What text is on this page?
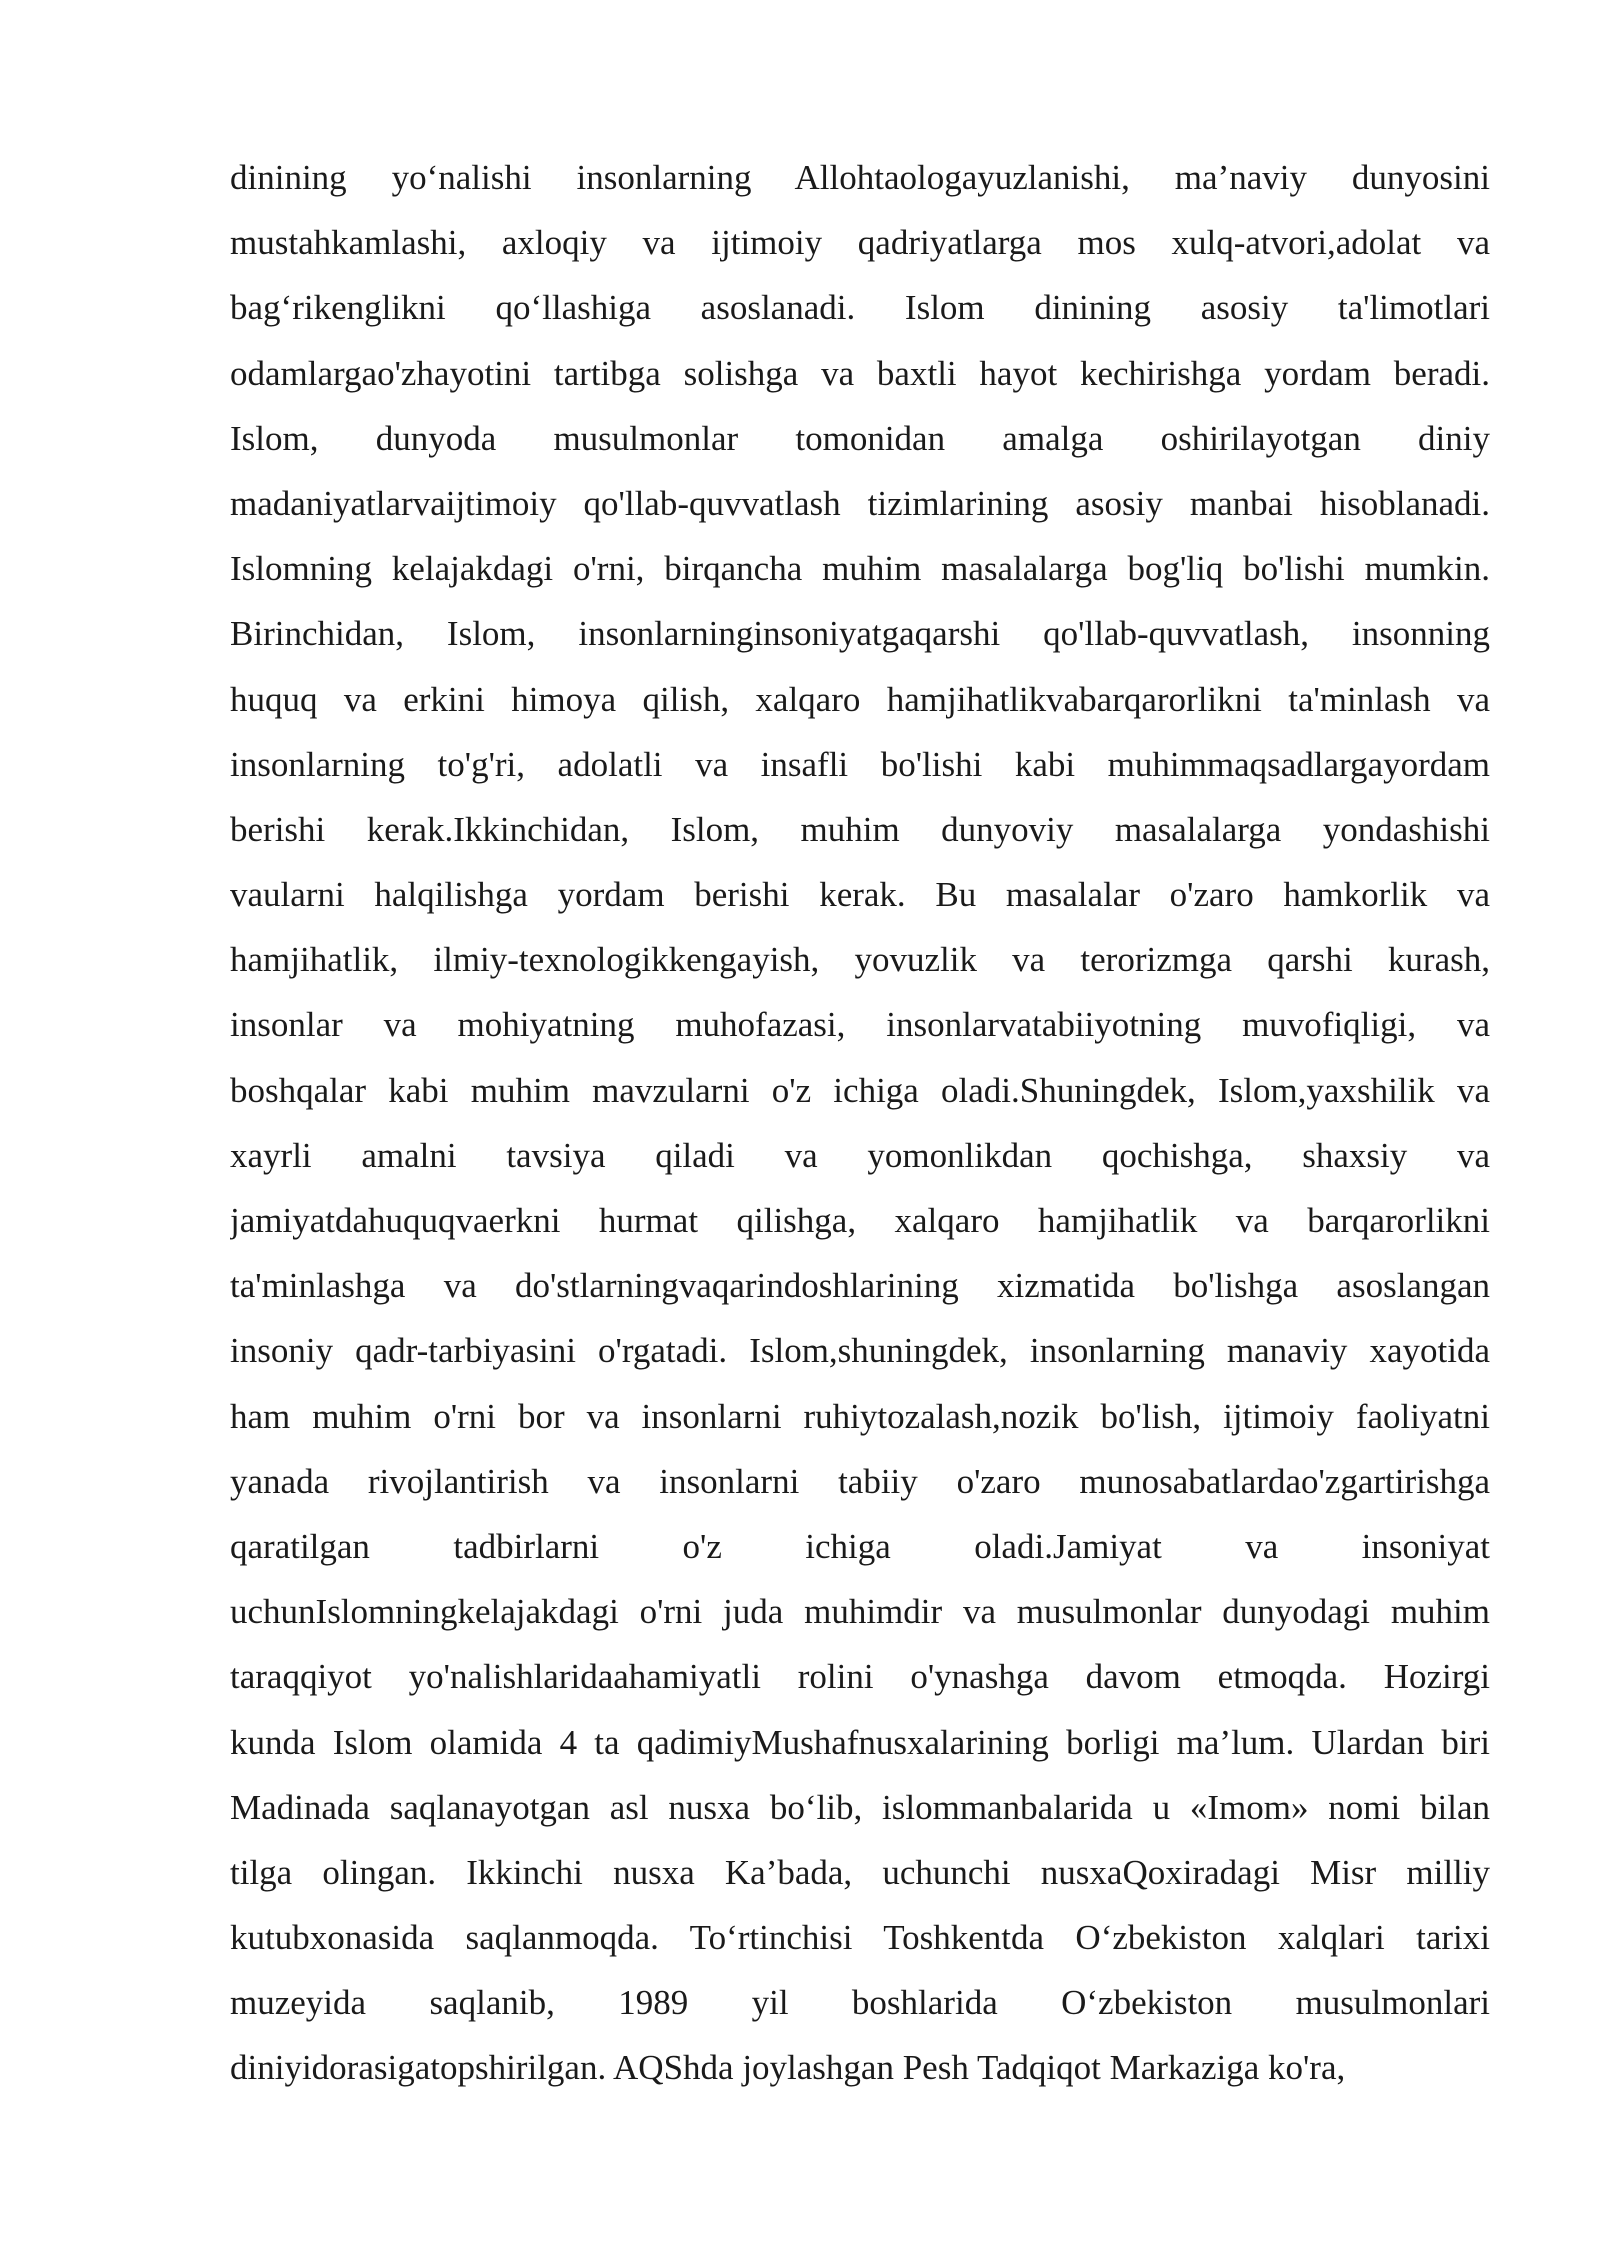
dinining yo‘nalishi insonlarning Allohtaologayuzlanishi, ma’naviy dunyosini
mustahkamlashi, axloqiy va ijtimoiy qadriyatlarga mos xulq-atvori,adolat va
bag‘rikenglikni qo‘llashiga asoslanadi. Islom dinining asosiy ta'limotlari
odamlargao'zhayotini tartibga solishga va baxtli hayot kechirishga yordam beradi.
Islom, dunyoda musulmonlar tomonidan amalga oshirilayotgan diniy
madaniyatlarvaijtimoiy qo'llab-quvvatlash tizimlarining asosiy manbai hisoblanadi.
Islomning kelajakdagi o'rni, birqancha muhim masalalarga bog'liq bo'lishi mumkin.
Birinchidan, Islom, insonlarninginsoniyatgaqarshi qo'llab-quvvatlash, insonning
huquq va erkini himoya qilish, xalqaro hamjihatlikvabarqarorlikni ta'minlash va
insonlarning to'g'ri, adolatli va insafli bo'lishi kabi muhimmaqsadlargayordam
berishi kerak.Ikkinchidan, Islom, muhim dunyoviy masalalarga yondashishi
vaularni halqilishga yordam berishi kerak. Bu masalalar o'zaro hamkorlik va
hamjihatlik, ilmiy-texnologikkengayish, yovuzlik va terorizmga qarshi kurash,
insonlar va mohiyatning muhofazasi, insonlarvatabiiyotning muvofiqligi, va
boshqalar kabi muhim mavzularni o'z ichiga oladi.Shuningdek, Islom,yaxshilik va
xayrli amalni tavsiya qiladi va yomonlikdan qochishga, shaxsiy va
jamiyatdahuquqvaerkni hurmat qilishga, xalqaro hamjihatlik va barqarorlikni
ta'minlashga va do'stlarningvaqarindoshlarining xizmatida bo'lishga asoslangan
insoniy qadr-tarbiyasini o'rgatadi. Islom,shuningdek, insonlarning manaviy xayotida
ham muhim o'rni bor va insonlarni ruhiytozalash,nozik bo'lish, ijtimoiy faoliyatni
yanada rivojlantirish va insonlarni tabiiy o'zaro munosabatlardao'zgartirishga
qaratilgan tadbirlarni o'z ichiga oladi.Jamiyat va insoniyat
uchunIslomningkelajakdagi o'rni juda muhimdir va musulmonlar dunyodagi muhim
taraqqiyot yo'nalishlaridaahamiyatli rolini o'ynashga davom etmoqda. Hozirgi
kunda Islom olamida 4 ta qadimiyMushafnusxalarining borligi ma’lum. Ulardan biri
Madinada saqlanayotgan asl nusxa bo‘lib, islommanbalarida u «Imom» nomi bilan
tilga olingan. Ikkinchi nusxa Ka’bada, uchunchi nusxaQoxiradagi Misr milliy
kutubxonasida saqlanmoqda. To‘rtinchisi Toshkentda O‘zbekiston xalqlari tarixi
muzeyida saqlanib, 1989 yil boshlarida O‘zbekiston musulmonlari
diniyidorasigatopshirilgan. AQShda joylashgan Pesh Tadqiqot Markaziga ko'ra,
